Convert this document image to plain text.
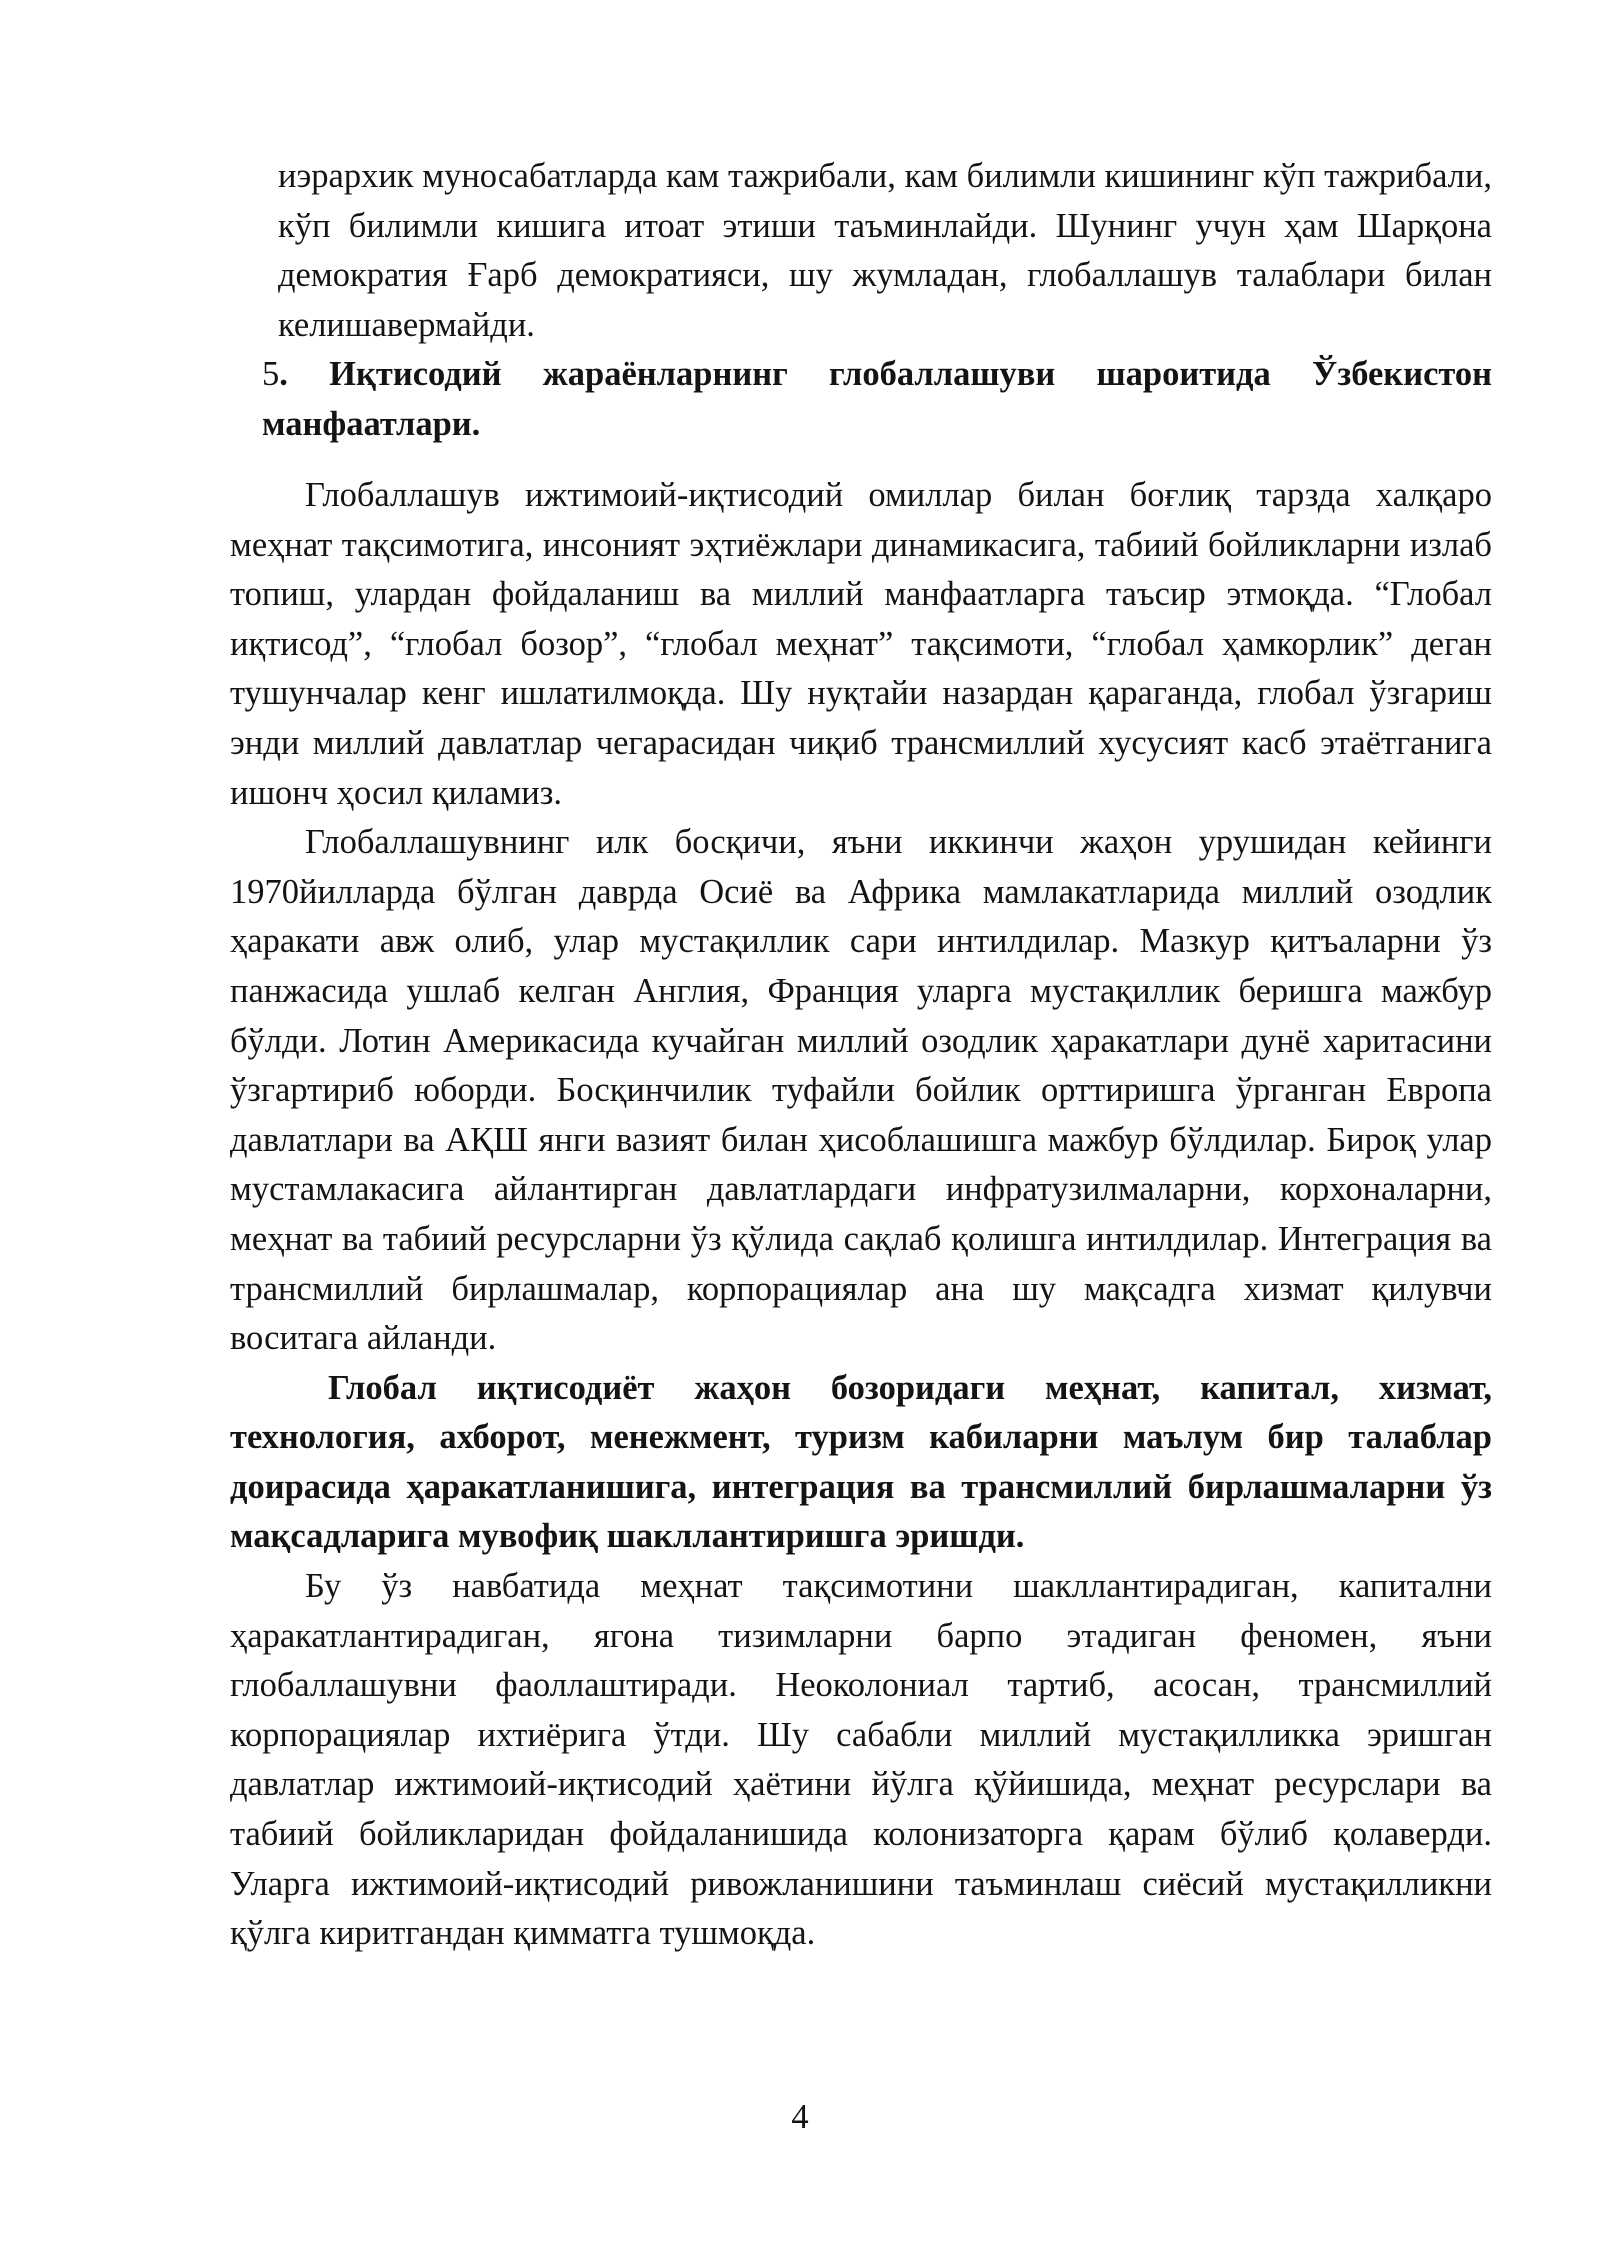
иэрархик муносабатларда кам тажрибали, кам билимли кишининг кўп тажрибали, кўп билимли кишига итоат этиши таъминлайди. Шунинг учун ҳам Шарқона демократия Ғарб демократияси, шу жумладан, глобаллашув талаблари билан келишавермайди.
5. Иқтисодий жараёнларнинг глобаллашуви шароитида Ўзбекистон манфаатлари.

Глобаллашув ижтимоий-иқтисодий омиллар билан боғлиқ тарзда халқаро меҳнат тақсимотига, инсоният эҳтиёжлари динамикасига, табиий бойликларни излаб топиш, улардан фойдаланиш ва миллий манфаатларга таъсир этмоқда. “Глобал иқтисод”, “глобал бозор”, “глобал меҳнат” тақсимоти, “глобал ҳамкорлик” деган тушунчалар кенг ишлатилмоқда. Шу нуқтайи назардан қараганда, глобал ўзгариш энди миллий давлатлар чегарасидан чиқиб трансмиллий хусусият касб этаётганига ишонч ҳосил қиламиз.

Глобаллашувнинг илк босқичи, яъни иккинчи жаҳон урушидан кейинги 1970йилларда бўлган даврда Осиё ва Африка мамлакатларида миллий озодлик ҳаракати авж олиб, улар мустақиллик сари интилдилар. Мазкур қитъаларни ўз панжасида ушлаб келган Англия, Франция уларга мустақиллик беришга мажбур бўлди. Лотин Америкасида кучайган миллий озодлик ҳаракатлари дунё харитасини ўзгартириб юборди. Босқинчилик туфайли бойлик орттиришга ўрганган Европа давлатлари ва АҚШ янги вазият билан ҳисоблашишга мажбур бўлдилар. Бироқ улар мустамлакасига айлантирган давлатлардаги инфратузилмаларни, корхоналарни, меҳнат ва табиий ресурсларни ўз қўлида сақлаб қолишга интилдилар. Интеграция ва трансмиллий бирлашмалар, корпорациялар ана шу мақсадга хизмат қилувчи воситага айланди.

Глобал иқтисодиёт жаҳон бозоридаги меҳнат, капитал, хизмат, технология, ахборот, менежмент, туризм кабиларни маълум бир талаблар доирасида ҳаракатланишига, интеграция ва трансмиллий бирлашмаларни ўз мақсадларига мувофиқ шакллантиришга эришди.

Бу ўз навбатида меҳнат тақсимотини шакллантирадиган, капитални ҳаракатлантирадиган, ягона тизимларни барпо этадиган феномен, яъни глобаллашувни фаоллаштиради. Неоколониал тартиб, асосан, трансмиллий корпорациялар ихтиёрига ўтди. Шу сабабли миллий мустақилликка эришган давлатлар ижтимоий-иқтисодий ҳаётини йўлга қўйишида, меҳнат ресурслари ва табиий бойликларидан фойдаланишида колонизаторга қарам бўлиб қолаверди. Уларга ижтимоий-иқтисодий ривожланишини таъминлаш сиёсий мустақилликни қўлга киритгандан қимматга тушмоқда.

4
